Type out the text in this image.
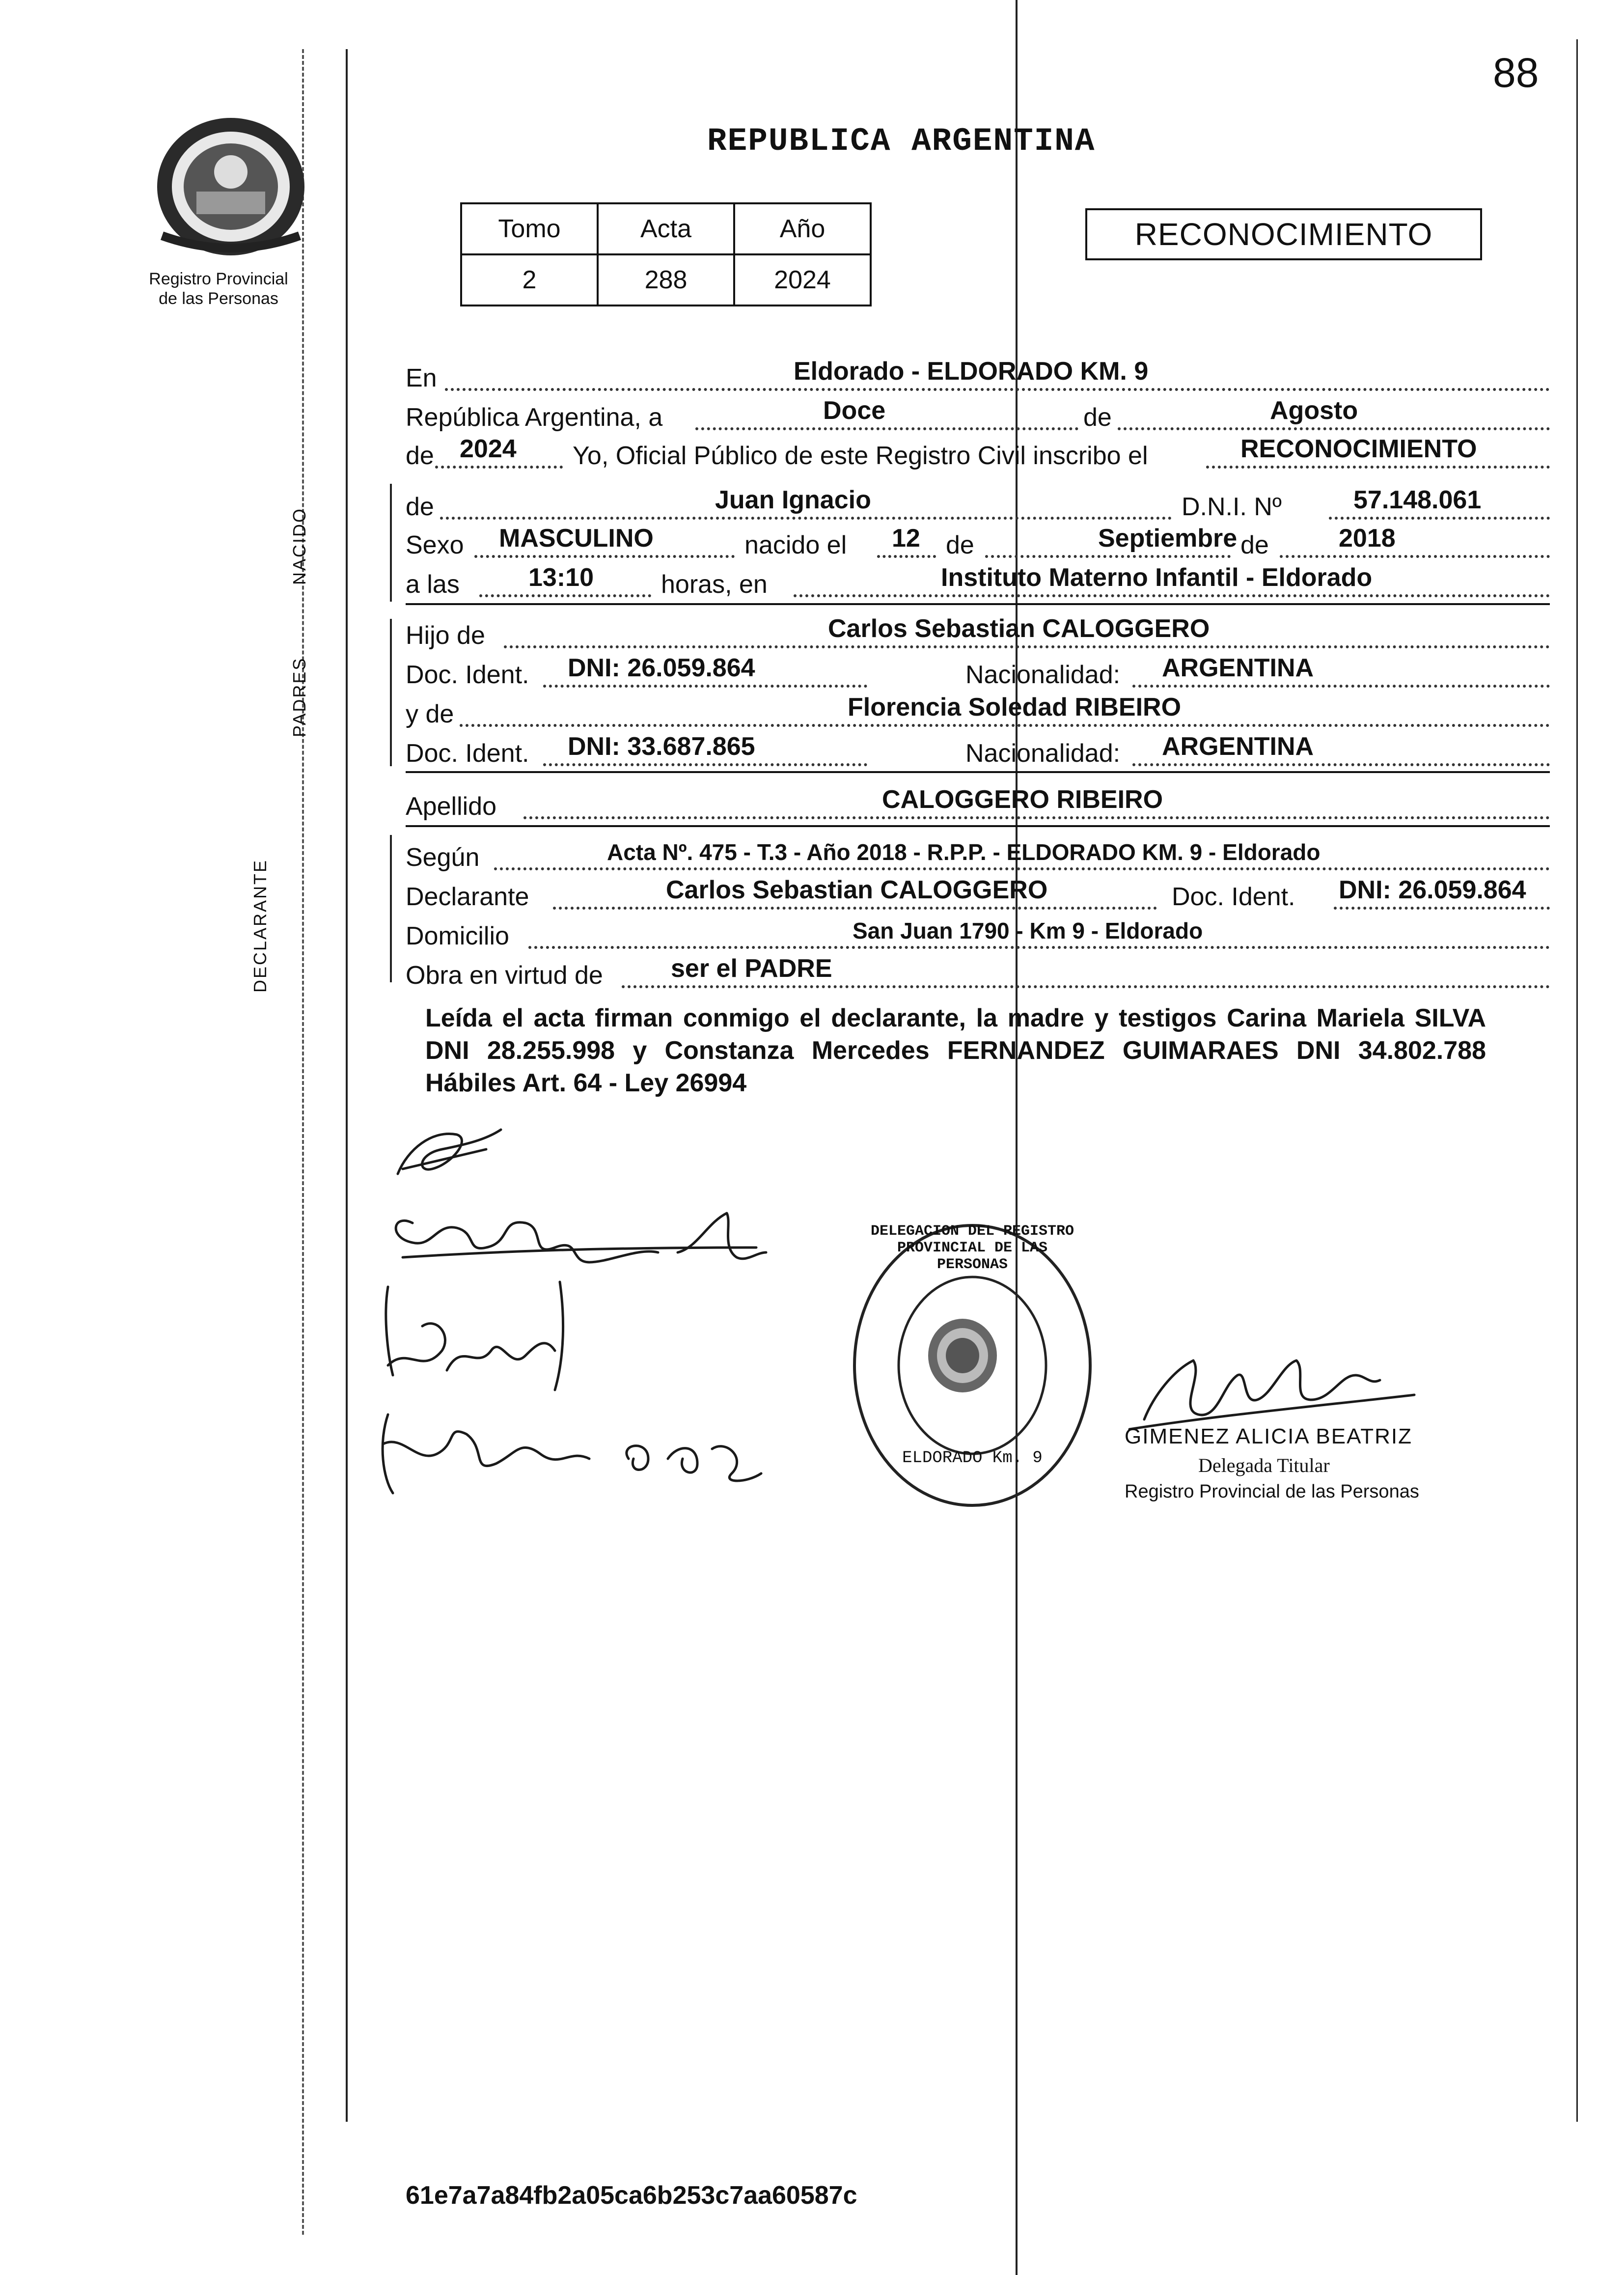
88
Registro Provincial
de las Personas
REPUBLICA ARGENTINA
Tomo	Acta	Año
2	288	2024
RECONOCIMIENTO
En	Eldorado - ELDORADO KM. 9
República Argentina, a	Doce	de	Agosto
de 2024 Yo, Oficial Público de este Registro Civil inscribo el	RECONOCIMIENTO
NACIDO
de	Juan Ignacio	D.N.I. Nº	57.148.061
Sexo MASCULINO	nacido el 12 de	Septiembre de	2018
a las	13:10	horas, en	Instituto Materno Infantil - Eldorado
PADRES
Hijo de	Carlos Sebastian CALOGGERO
Doc. Ident. DNI: 26.059.864	Nacionalidad: ARGENTINA
y de	Florencia Soledad RIBEIRO
Doc. Ident. DNI: 33.687.865	Nacionalidad: ARGENTINA
Apellido	CALOGGERO RIBEIRO
DECLARANTE
Según	Acta Nº. 475 - T.3 - Año 2018 - R.P.P. - ELDORADO KM. 9 - Eldorado
Declarante	Carlos Sebastian CALOGGERO	Doc. Ident. DNI: 26.059.864
Domicilio	San Juan 1790 - Km 9 - Eldorado
Obra en virtud de	ser el PADRE
Leída el acta firman conmigo el declarante, la madre y testigos Carina Mariela SILVA DNI 28.255.998 y Constanza Mercedes FERNANDEZ GUIMARAES DNI 34.802.788 Hábiles Art. 64 - Ley 26994
DELEGACION DEL REGISTRO PROVINCIAL DE LAS PERSONAS
ELDORADO Km. 9
GIMENEZ ALICIA BEATRIZ
Delegada Titular
Registro Provincial de las Personas
61e7a7a84fb2a05ca6b253c7aa60587c
